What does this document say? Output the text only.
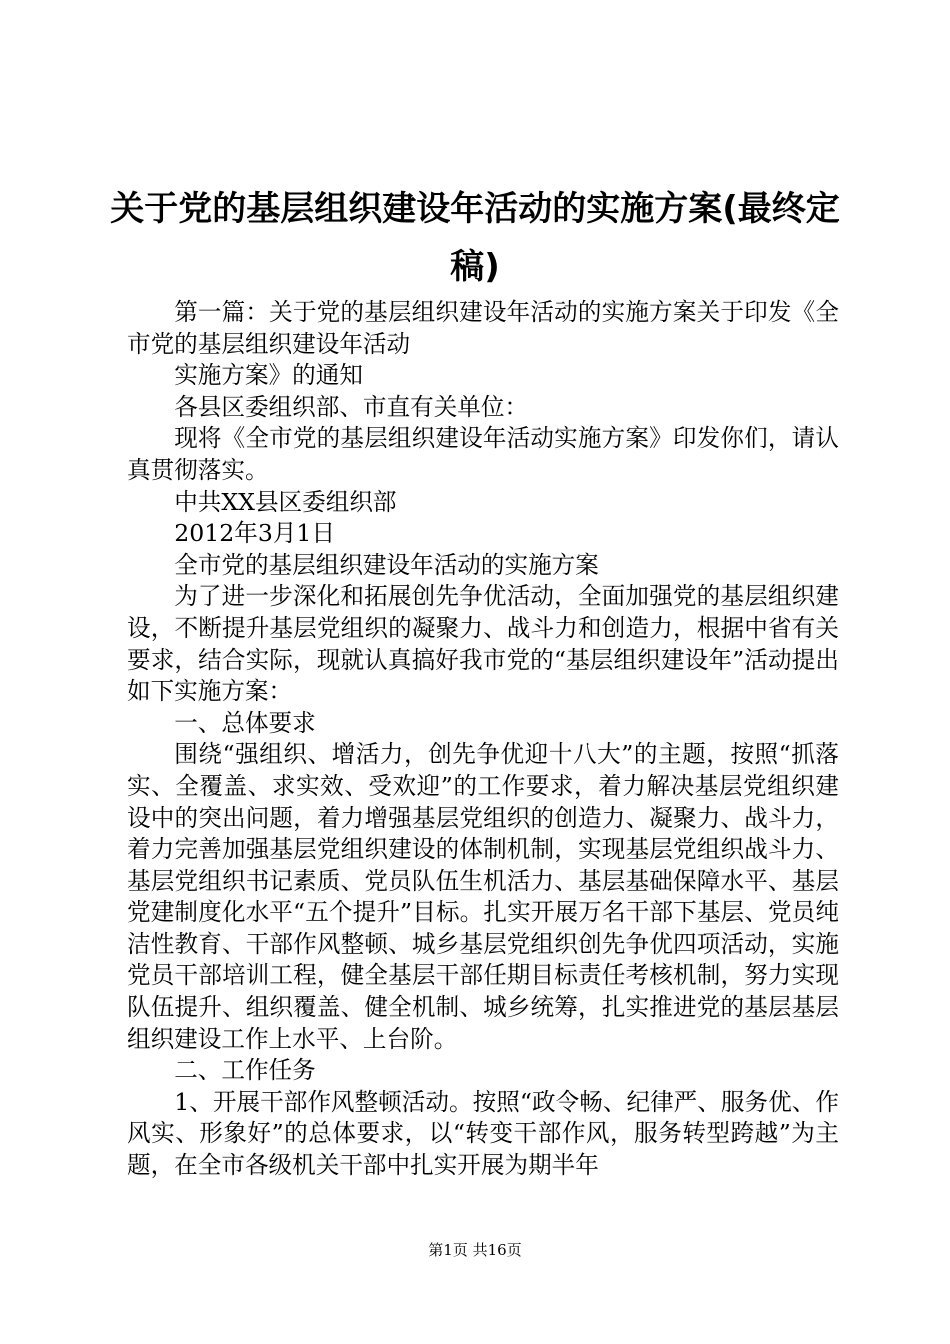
关于党的基层组织建设年活动的实施方案(最终定稿)

第一篇：关于党的基层组织建设年活动的实施方案关于印发《全市党的基层组织建设年活动

实施方案》的通知

各县区委组织部、市直有关单位：

现将《全市党的基层组织建设年活动实施方案》印发你们，请认真贯彻落实。

中共XX县区委组织部

2012年3月1日

全市党的基层组织建设年活动的实施方案

为了进一步深化和拓展创先争优活动，全面加强党的基层组织建设，不断提升基层党组织的凝聚力、战斗力和创造力，根据中省有关要求，结合实际，现就认真搞好我市党的“基层组织建设年”活动提出如下实施方案：

一、总体要求

围绕“强组织、增活力，创先争优迎十八大”的主题，按照“抓落实、全覆盖、求实效、受欢迎”的工作要求，着力解决基层党组织建设中的突出问题，着力增强基层党组织的创造力、凝聚力、战斗力，着力完善加强基层党组织建设的体制机制，实现基层党组织战斗力、基层党组织书记素质、党员队伍生机活力、基层基础保障水平、基层党建制度化水平“五个提升”目标。扎实开展万名干部下基层、党员纯洁性教育、干部作风整顿、城乡基层党组织创先争优四项活动，实施党员干部培训工程，健全基层干部任期目标责任考核机制，努力实现队伍提升、组织覆盖、健全机制、城乡统筹，扎实推进党的基层基层组织建设工作上水平、上台阶。

二、工作任务

1、开展干部作风整顿活动。按照“政令畅、纪律严、服务优、作风实、形象好”的总体要求，以“转变干部作风，服务转型跨越”为主题，在全市各级机关干部中扎实开展为期半年

第1页 共16页
